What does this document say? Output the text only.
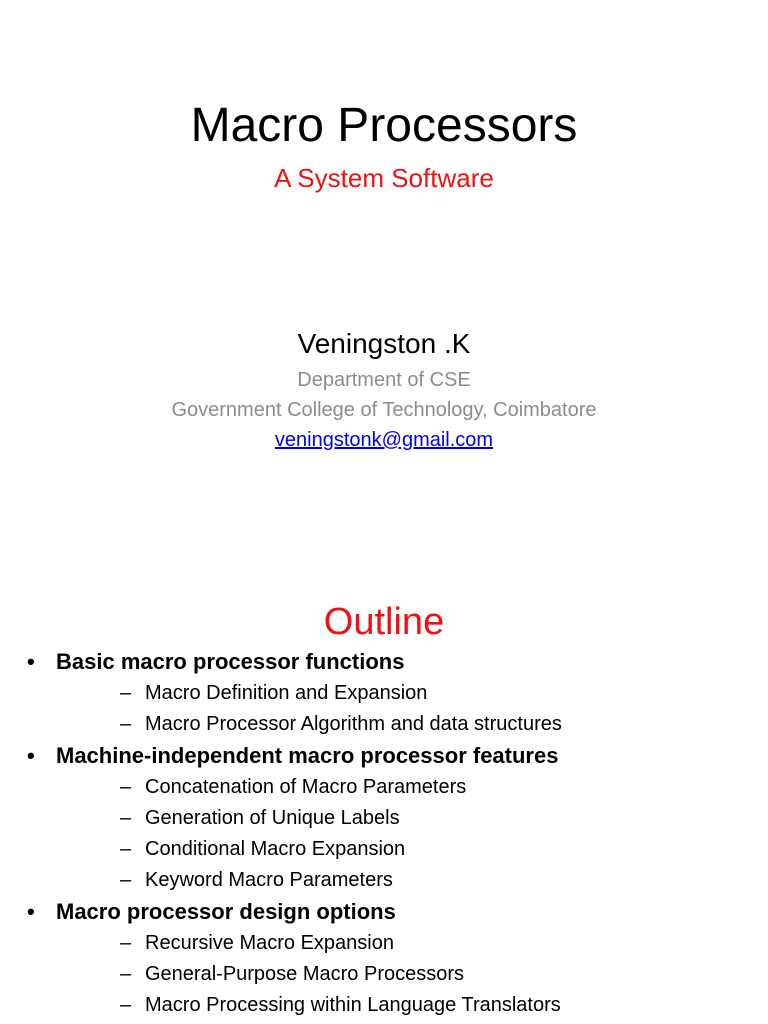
Macro Processors
A System Software
Veningston .K
Department of CSE
Government College of Technology, Coimbatore
veningstonk@gmail.com
Outline
• Basic macro processor functions
– Macro Definition and Expansion
– Macro Processor Algorithm and data structures
• Machine-independent macro processor features
– Concatenation of Macro Parameters
– Generation of Unique Labels
– Conditional Macro Expansion
– Keyword Macro Parameters
• Macro processor design options
– Recursive Macro Expansion
– General-Purpose Macro Processors
– Macro Processing within Language Translators
